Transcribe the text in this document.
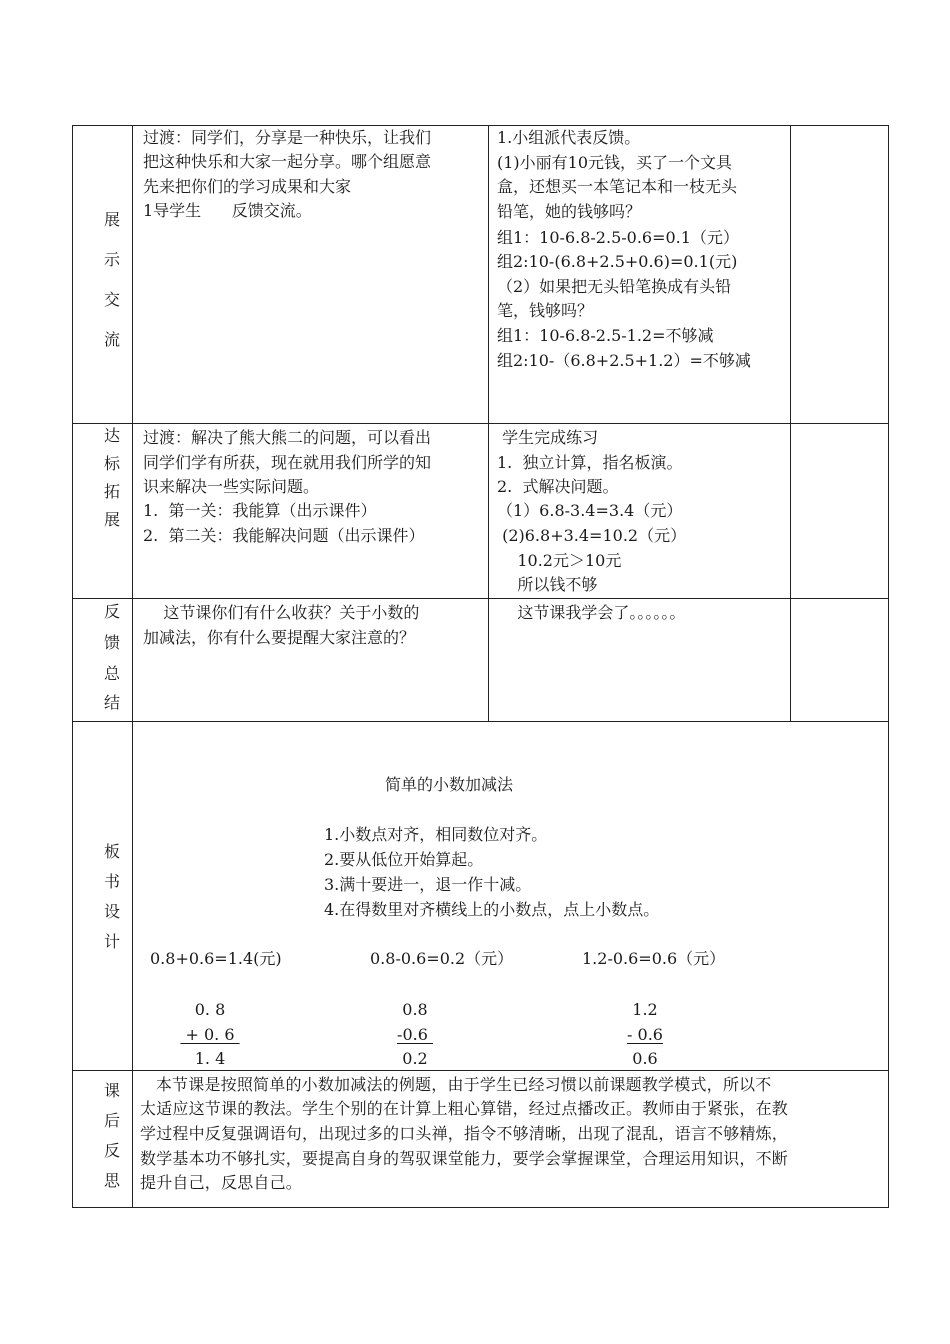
展
示
交
流
过渡：同学们，分享是一种快乐，让我们
把这种快乐和大家一起分享。哪个组愿意
先来把你们的学习成果和大家
1导学生      反馈交流。
1.小组派代表反馈。
(1)小丽有10元钱，买了一个文具
盒，还想买一本笔记本和一枝无头
铅笔，她的钱够吗？
组1：10-6.8-2.5-0.6=0.1（元）
组2:10-(6.8+2.5+0.6)=0.1(元)
（2）如果把无头铅笔换成有头铅
笔，钱够吗？
组1：10-6.8-2.5-1.2=不够减
组2:10-（6.8+2.5+1.2）=不够减
达
标
拓
展
过渡：解决了熊大熊二的问题，可以看出
同学们学有所获，现在就用我们所学的知
识来解决一些实际问题。
1.  第一关：我能算（出示课件）
2.  第二关：我能解决问题（出示课件）
学生完成练习
1.  独立计算，指名板演。
2.  式解决问题。
（1）6.8-3.4=3.4（元）
(2)6.8+3.4=10.2（元）
10.2元＞10元
所以钱不够
反
馈
总
结
这节课你们有什么收获？关于小数的
加减法，你有什么要提醒大家注意的？
这节课我学会了。。。。。。
板
书
设
计
简单的小数加减法
1.小数点对齐，相同数位对齐。
2.要从低位开始算起。
3.满十要进一，退一作十减。
4.在得数里对齐横线上的小数点，点上小数点。
0.8+0.6=1.4(元)	0.8-0.6=0.2（元）	1.2-0.6=0.6（元）
0. 8
+ 0. 6
1. 4
0.8
-0.6
0.2
1.2
- 0.6
0.6
课
后
反
思
本节课是按照简单的小数加减法的例题，由于学生已经习惯以前课题教学模式，所以不
太适应这节课的教法。学生个别的在计算上粗心算错，经过点播改正。教师由于紧张，在教
学过程中反复强调语句，出现过多的口头禅，指令不够清晰，出现了混乱，语言不够精炼，
数学基本功不够扎实，要提高自身的驾驭课堂能力，要学会掌握课堂，合理运用知识，不断
提升自己，反思自己。
